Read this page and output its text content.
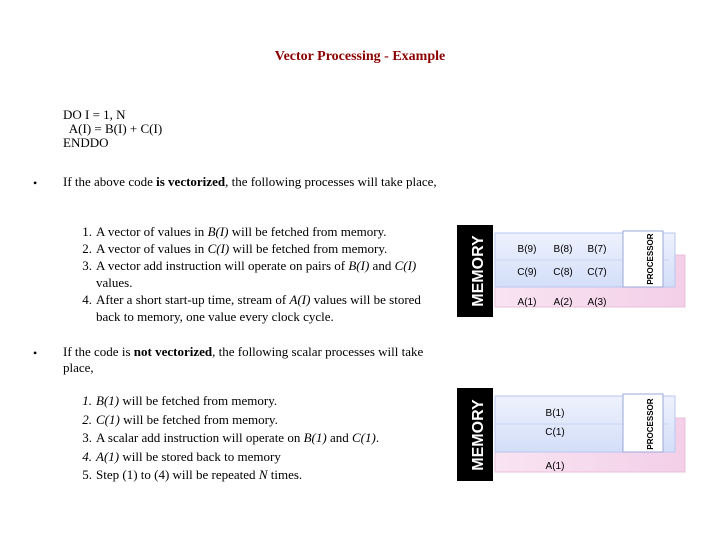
Vector Processing - Example
DO I = 1, N
A(I) = B(I) + C(I)
ENDDO
• If the above code is vectorized, the following processes will take place,
1. A vector of values in B(I) will be fetched from memory.
2. A vector of values in C(I) will be fetched from memory.
3. A vector add instruction will operate on pairs of B(I) and C(I) values.
4. After a short start-up time, stream of A(I) values will be stored back to memory, one value every clock cycle.
• If the code is not vectorized, the following scalar processes will take place,
1. B(1) will be fetched from memory.
2. C(1) will be fetched from memory.
3. A scalar add instruction will operate on B(1) and C(1).
4. A(1) will be stored back to memory
5. Step (1) to (4) will be repeated N times.
MEMORY	PROCESSOR
B(9) B(8) B(7)
C(9) C(8) C(7)
A(1) A(2) A(3)
MEMORY	PROCESSOR
B(1)
C(1)
A(1)
